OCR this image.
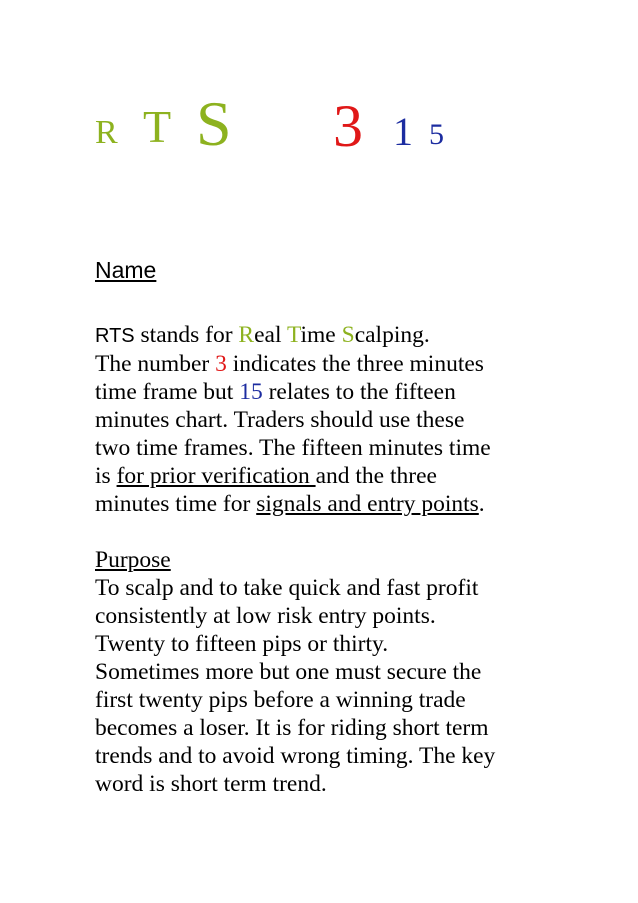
R T S 3 1 5
Name
RTS stands for Real Time Scalping.
The number 3 indicates the three minutes
time frame but 15 relates to the fifteen
minutes chart. Traders should use these
two time frames. The fifteen minutes time
is for prior verification and the three
minutes time for signals and entry points.
Purpose
To scalp and to take quick and fast profit
consistently at low risk entry points.
Twenty to fifteen pips or thirty.
Sometimes more but one must secure the
first twenty pips before a winning trade
becomes a loser. It is for riding short term
trends and to avoid wrong timing. The key
word is short term trend.
